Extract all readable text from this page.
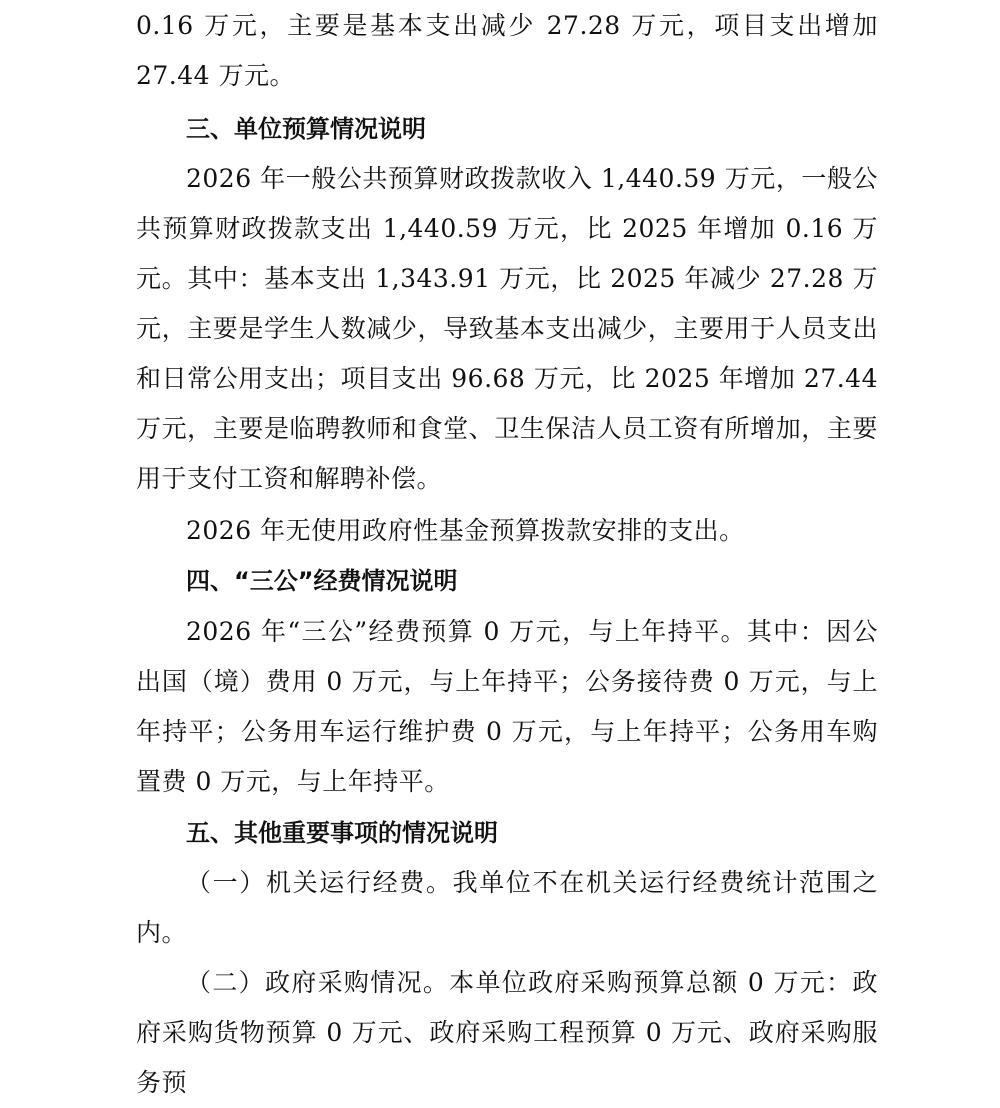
0.16 万元，主要是基本支出减少 27.28 万元，项目支出增加 27.44 万元。

三、单位预算情况说明

2026 年一般公共预算财政拨款收入 1,440.59 万元，一般公共预算财政拨款支出 1,440.59 万元，比 2025 年增加 0.16 万元。其中：基本支出 1,343.91 万元，比 2025 年减少 27.28 万元，主要是学生人数减少，导致基本支出减少，主要用于人员支出和日常公用支出；项目支出 96.68 万元，比 2025 年增加 27.44 万元，主要是临聘教师和食堂、卫生保洁人员工资有所增加，主要用于支付工资和解聘补偿。

2026 年无使用政府性基金预算拨款安排的支出。

四、“三公”经费情况说明

2026 年“三公”经费预算 0 万元，与上年持平。其中：因公出国（境）费用 0 万元，与上年持平；公务接待费 0 万元，与上年持平；公务用车运行维护费 0 万元，与上年持平；公务用车购置费 0 万元，与上年持平。

五、其他重要事项的情况说明

（一）机关运行经费。我单位不在机关运行经费统计范围之内。

（二）政府采购情况。本单位政府采购预算总额 0 万元：政府采购货物预算 0 万元、政府采购工程预算 0 万元、政府采购服务预
